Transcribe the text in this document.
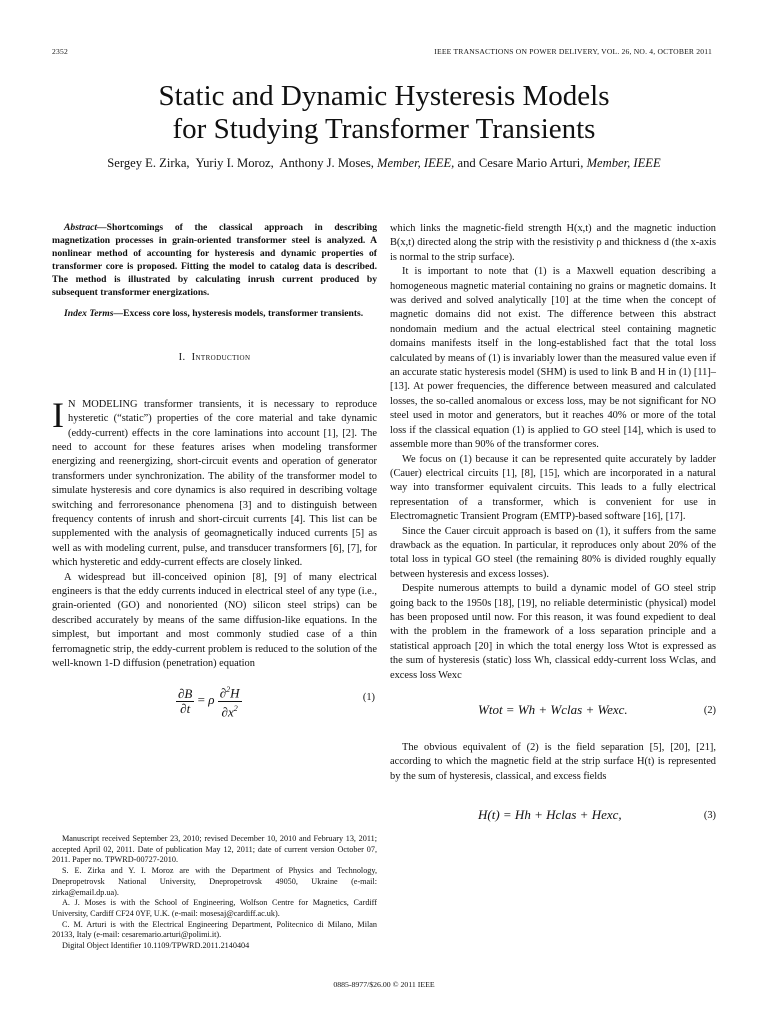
2352	IEEE TRANSACTIONS ON POWER DELIVERY, VOL. 26, NO. 4, OCTOBER 2011
Static and Dynamic Hysteresis Models
for Studying Transformer Transients
Sergey E. Zirka, Yuriy I. Moroz, Anthony J. Moses, Member, IEEE, and Cesare Mario Arturi, Member, IEEE

Abstract—Shortcomings of the classical approach in describing magnetization processes in grain-oriented transformer steel is analyzed. A nonlinear method of accounting for hysteresis and dynamic properties of transformer core is proposed. Fitting the model to catalog data is described. The method is illustrated by calculating inrush current produced by subsequent transformer energizations.

Index Terms—Excess core loss, hysteresis models, transformer transients.

I. Introduction

I N MODELING transformer transients, it is necessary to reproduce hysteretic (“static”) properties of the core material and take dynamic (eddy-current) effects in the core laminations into account [1], [2]. The need to account for these features arises when modeling transformer energizing and reenergizing, short-circuit events and operation of generator transformers under synchronization. The ability of the transformer model to simulate hysteresis and core dynamics is also required in describing voltage switching and ferroresonance phenomena [3] and to distinguish between frequency contents of inrush and short-circuit currents [4]. This list can be supplemented with the analysis of geomagnetically induced currents [5] as well as with modeling current, pulse, and transducer transformers [6], [7], for which hysteretic and eddy-current effects are closely linked.

A widespread but ill-conceived opinion [8], [9] of many electrical engineers is that the eddy currents induced in electrical steel of any type (i.e., grain-oriented (GO) and nonoriented (NO) silicon steel strips) can be described accurately by means of the same diffusion-like equations. In the simplest, but important and most commonly studied case of a thin ferromagnetic strip, the eddy-current problem is reduced to the solution of the well-known 1-D diffusion (penetration) equation

$\frac{\partial B}{\partial t} = \rho \frac{\partial^2H}{\partial x^2}$	(1)

Manuscript received September 23, 2010; revised December 10, 2010 and February 13, 2011; accepted April 02, 2011. Date of publication May 12, 2011; date of current version October 07, 2011. Paper no. TPWRD-00727-2010.

S. E. Zirka and Y. I. Moroz are with the Department of Physics and Technology, Dnepropetrovsk National University, Dnepropetrovsk 49050, Ukraine (e-mail: zirka@email.dp.ua).

A. J. Moses is with the School of Engineering, Wolfson Centre for Magnetics, Cardiff University, Cardiff CF24 0YF, U.K. (e-mail: mosesaj@cardiff.ac.uk).

C. M. Arturi is with the Electrical Engineering Department, Politecnico di Milano, Milan 20133, Italy (e-mail: cesaremario.arturi@polimi.it).

Digital Object Identifier 10.1109/TPWRD.2011.2140404

which links the magnetic-field strength H(x,t) and the magnetic induction B(x,t) directed along the strip with the resistivity ρ and thickness d (the x-axis is normal to the strip surface).

It is important to note that (1) is a Maxwell equation describing a homogeneous magnetic material containing no grains or magnetic domains. It was derived and solved analytically [10] at the time when the concept of magnetic domains did not exist. The difference between this abstract nondomain medium and the actual electrical steel containing magnetic domains manifests itself in the long-established fact that the total loss calculated by means of (1) is invariably lower than the measured value even if an accurate static hysteresis model (SHM) is used to link B and H in (1) [11]–[13]. At power frequencies, the difference between measured and calculated losses, the so-called anomalous or excess loss, may be not significant for NO steel used in motor and generators, but it reaches 40% or more of the total loss if the classical equation (1) is applied to GO steel [14], which is used to assemble more than 90% of the transformer cores.

We focus on (1) because it can be represented quite accurately by ladder (Cauer) electrical circuits [1], [8], [15], which are incorporated in a natural way into transformer equivalent circuits. This leads to a fully electrical representation of a transformer, which is convenient for use in Electromagnetic Transient Program (EMTP)-based software [16], [17].

Since the Cauer circuit approach is based on (1), it suffers from the same drawback as the equation. In particular, it reproduces only about 20% of the total loss in typical GO steel (the remaining 80% is divided roughly equally between hysteresis and excess losses).

Despite numerous attempts to build a dynamic model of GO steel strip going back to the 1950s [18], [19], no reliable deterministic (physical) model has been proposed until now. For this reason, it was found expedient to deal with the problem in the framework of a loss separation principle and a statistical approach [20] in which the total energy loss Wtot is expressed as the sum of hysteresis (static) loss Wh, classical eddy-current loss Wclas, and excess loss Wexc

Wtot = Wh + Wclas + Wexc.	(2)

The obvious equivalent of (2) is the field separation [5], [20], [21], according to which the magnetic field at the strip surface H(t) is represented by the sum of hysteresis, classical, and excess fields

H(t) = Hh + Hclas + Hexc,	(3)
0885-8977/$26.00 © 2011 IEEE
